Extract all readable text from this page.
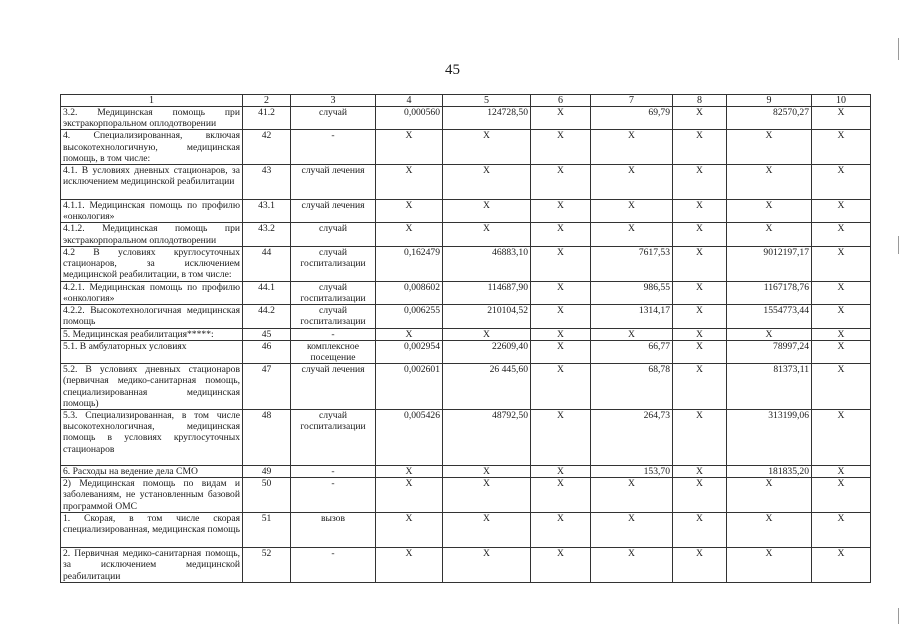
45
1	2	3	4	5	6	7	8	9	10
3.2. Медицинская помощь при экстракорпоральном оплодотворении	41.2	случай	0,000560	124728,50	X	69,79	X	82570,27	X
4. Специализированная, включая высокотехнологичную, медицинская помощь, в том числе:	42	-	X	X	X	X	X	X	X
4.1. В условиях дневных стационаров, за исключением медицинской реабилитации	43	случай лечения	X	X	X	X	X	X	X
4.1.1. Медицинская помощь по профилю «онкология»	43.1	случай лечения	X	X	X	X	X	X	X
4.1.2. Медицинская помощь при экстракорпоральном оплодотворении	43.2	случай	X	X	X	X	X	X	X
4.2 В условиях круглосуточных стационаров, за исключением медицинской реабилитации, в том числе:	44	случай госпитализации	0,162479	46883,10	X	7617,53	X	9012197,17	X
4.2.1. Медицинская помощь по профилю «онкология»	44.1	случай госпитализации	0,008602	114687,90	X	986,55	X	1167178,76	X
4.2.2. Высокотехнологичная медицинская помощь	44.2	случай госпитализации	0,006255	210104,52	X	1314,17	X	1554773,44	X
5. Медицинская реабилитация*****:	45	-	X	X	X	X	X	X	X
5.1. В амбулаторных условиях	46	комплексное посещение	0,002954	22609,40	X	66,77	X	78997,24	X
5.2. В условиях дневных стационаров (первичная медико-санитарная помощь, специализированная медицинская помощь)	47	случай лечения	0,002601	26 445,60	X	68,78	X	81373,11	X
5.3. Специализированная, в том числе высокотехнологичная, медицинская помощь в условиях круглосуточных стационаров	48	случай госпитализации	0,005426	48792,50	X	264,73	X	313199,06	X
6. Расходы на ведение дела СМО	49	-	X	X	X	153,70	X	181835,20	X
2) Медицинская помощь по видам и заболеваниям, не установленным базовой программой ОМС	50	-	X	X	X	X	X	X	X
1. Скорая, в том числе скорая специализированная, медицинская помощь	51	вызов	X	X	X	X	X	X	X
2. Первичная медико-санитарная помощь, за исключением медицинской реабилитации	52	-	X	X	X	X	X	X	X
